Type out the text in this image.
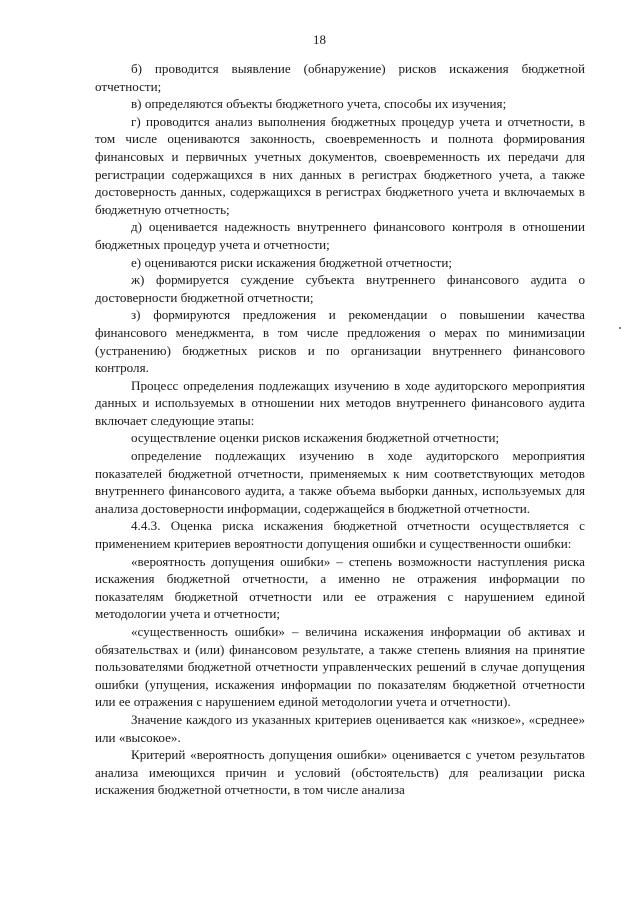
18

б) проводится выявление (обнаружение) рисков искажения бюджетной отчетности;

в) определяются объекты бюджетного учета, способы их изучения;

г) проводится анализ выполнения бюджетных процедур учета и отчетности, в том числе оцениваются законность, своевременность и полнота формирования финансовых и первичных учетных документов, своевременность их передачи для регистрации содержащихся в них данных в регистрах бюджетного учета, а также достоверность данных, содержащихся в регистрах бюджетного учета и включаемых в бюджетную отчетность;

д) оценивается надежность внутреннего финансового контроля в отношении бюджетных процедур учета и отчетности;

е) оцениваются риски искажения бюджетной отчетности;

ж) формируется суждение субъекта внутреннего финансового аудита о достоверности бюджетной отчетности;

з) формируются предложения и рекомендации о повышении качества финансового менеджмента, в том числе предложения о мерах по минимизации (устранению) бюджетных рисков и по организации внутреннего финансового контроля.

Процесс определения подлежащих изучению в ходе аудиторского мероприятия данных и используемых в отношении них методов внутреннего финансового аудита включает следующие этапы:

осуществление оценки рисков искажения бюджетной отчетности;

определение подлежащих изучению в ходе аудиторского мероприятия показателей бюджетной отчетности, применяемых к ним соответствующих методов внутреннего финансового аудита, а также объема выборки данных, используемых для анализа достоверности информации, содержащейся в бюджетной отчетности.

4.4.3. Оценка риска искажения бюджетной отчетности осуществляется с применением критериев вероятности допущения ошибки и существенности ошибки:

«вероятность допущения ошибки» – степень возможности наступления риска искажения бюджетной отчетности, а именно не отражения информации по показателям бюджетной отчетности или ее отражения с нарушением единой методологии учета и отчетности;

«существенность ошибки» – величина искажения информации об активах и обязательствах и (или) финансовом результате, а также степень влияния на принятие пользователями бюджетной отчетности управленческих решений в случае допущения ошибки (упущения, искажения информации по показателям бюджетной отчетности или ее отражения с нарушением единой методологии учета и отчетности).

Значение каждого из указанных критериев оценивается как «низкое», «среднее» или «высокое».

Критерий «вероятность допущения ошибки» оценивается с учетом результатов анализа имеющихся причин и условий (обстоятельств) для реализации риска искажения бюджетной отчетности, в том числе анализа
